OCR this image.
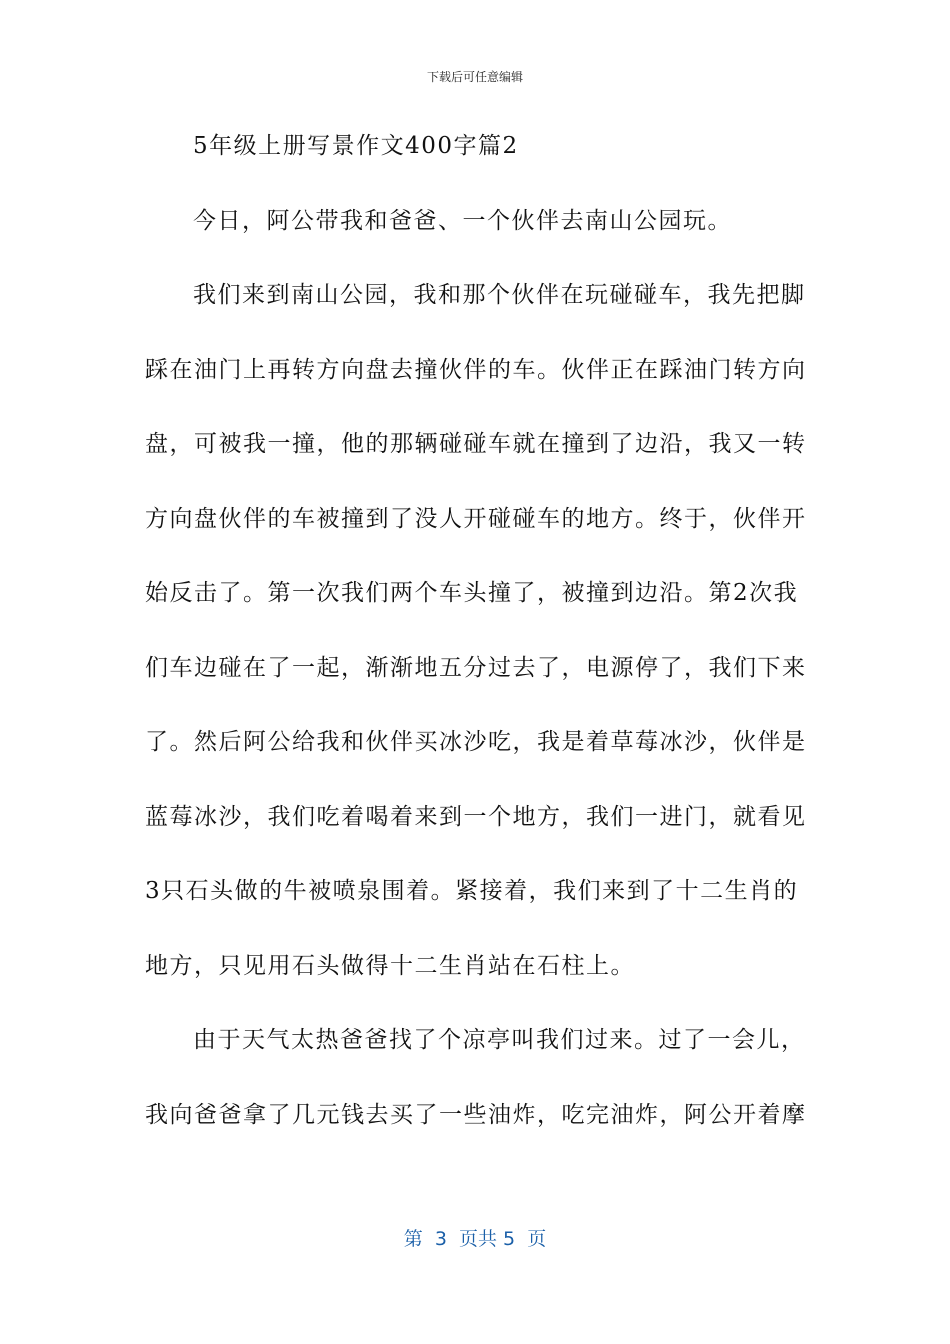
下载后可任意编辑
5年级上册写景作文400字篇2
今日，阿公带我和爸爸、一个伙伴去南山公园玩。
我们来到南山公园，我和那个伙伴在玩碰碰车，我先把脚
踩在油门上再转方向盘去撞伙伴的车。伙伴正在踩油门转方向
盘，可被我一撞，他的那辆碰碰车就在撞到了边沿，我又一转
方向盘伙伴的车被撞到了没人开碰碰车的地方。终于，伙伴开
始反击了。第一次我们两个车头撞了，被撞到边沿。第2次我
们车边碰在了一起，渐渐地五分过去了，电源停了，我们下来
了。然后阿公给我和伙伴买冰沙吃，我是着草莓冰沙，伙伴是
蓝莓冰沙，我们吃着喝着来到一个地方，我们一进门，就看见
3只石头做的牛被喷泉围着。紧接着，我们来到了十二生肖的
地方，只见用石头做得十二生肖站在石柱上。
由于天气太热爸爸找了个凉亭叫我们过来。过了一会儿，
我向爸爸拿了几元钱去买了一些油炸，吃完油炸，阿公开着摩
第  3  页共 5  页
